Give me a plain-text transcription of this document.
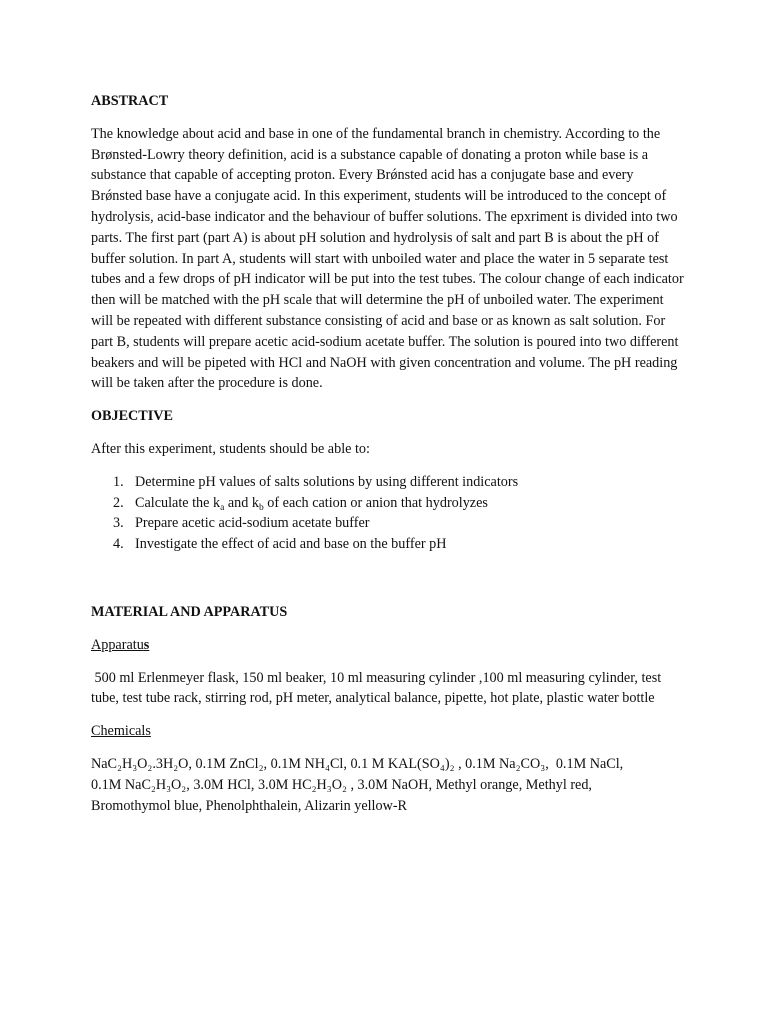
ABSTRACT

The knowledge about acid and base in one of the fundamental branch in chemistry. According to the Brønsted-Lowry theory definition, acid is a substance capable of donating a proton while base is a substance that capable of accepting proton. Every Brǿnsted acid has a conjugate base and every Brǿnsted base have a conjugate acid. In this experiment, students will be introduced to the concept of hydrolysis, acid-base indicator and the behaviour of buffer solutions. The epxriment is divided into two parts. The first part (part A) is about pH solution and hydrolysis of salt and part B is about the pH of buffer solution. In part A, students will start with unboiled water and place the water in 5 separate test tubes and a few drops of pH indicator will be put into the test tubes. The colour change of each indicator then will be matched with the pH scale that will determine the pH of unboiled water. The experiment will be repeated with different substance consisting of acid and base or as known as salt solution. For part B, students will prepare acetic acid-sodium acetate buffer. The solution is poured into two different beakers and will be pipeted with HCl and NaOH with given concentration and volume. The pH reading will be taken after the procedure is done.

OBJECTIVE

After this experiment, students should be able to:

1. Determine pH values of salts solutions by using different indicators
2. Calculate the $k_a$ and $k_b$ of each cation or anion that hydrolyzes
3. Prepare acetic acid-sodium acetate buffer
4. Investigate the effect of acid and base on the buffer pH

MATERIAL AND APPARATUS

Apparatus

500 ml Erlenmeyer flask, 150 ml beaker, 10 ml measuring cylinder ,100 ml measuring cylinder, test tube, test tube rack, stirring rod, pH meter, analytical balance, pipette, hot plate, plastic water bottle

Chemicals

NaC₂H₃O₂.3H₂O, 0.1M ZnCl₂, 0.1M NH₄Cl, 0.1 M KAL(SO₄)₂ , 0.1M Na₂CO₃,  0.1M NaCl,
0.1M NaC₂H₃O₂, 3.0M HCl, 3.0M HC₂H₃O₂ , 3.0M NaOH, Methyl orange, Methyl red,
Bromothymol blue, Phenolphthalein, Alizarin yellow-R
